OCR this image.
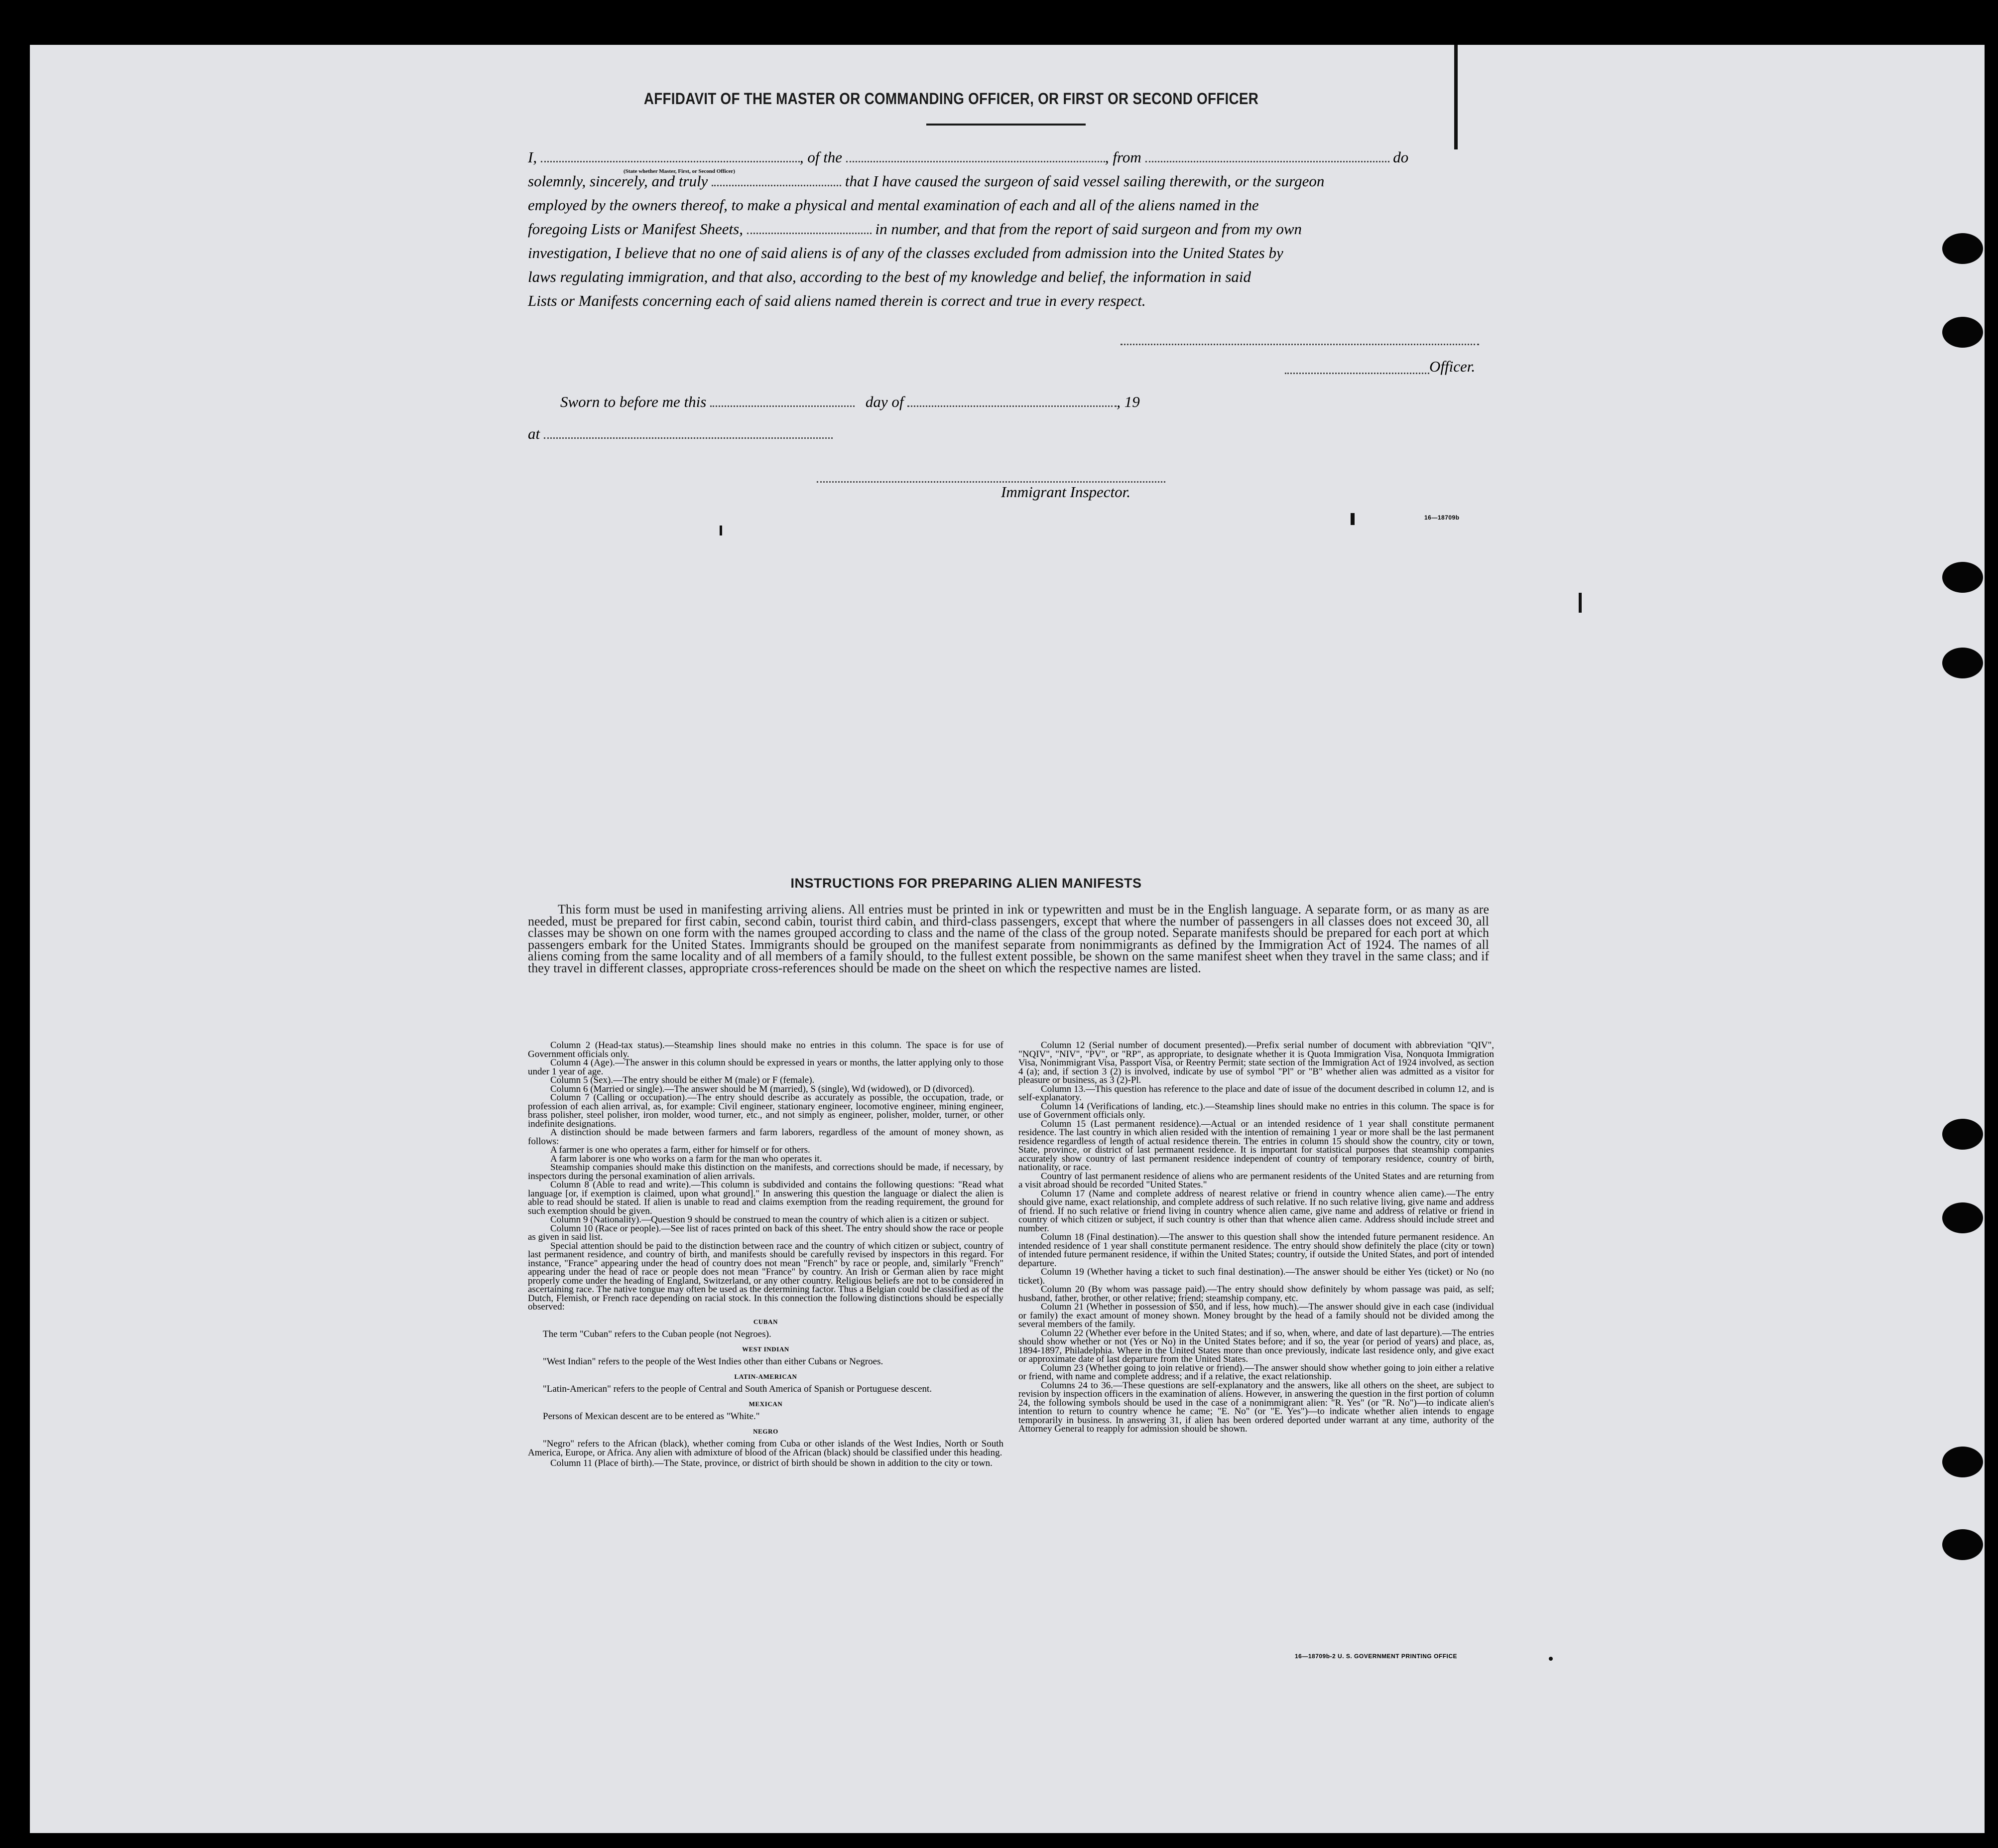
AFFIDAVIT OF THE MASTER OR COMMANDING OFFICER, OR FIRST OR SECOND OFFICER
I,	, of the	, from	do
(State whether Master, First, or Second Officer)
solemnly, sincerely, and truly	that I have caused the surgeon of said vessel sailing therewith, or the surgeon
employed by the owners thereof, to make a physical and mental examination of each and all of the aliens named in the
foregoing Lists or Manifest Sheets,	in number, and that from the report of said surgeon and from my own
investigation, I believe that no one of said aliens is of any of the classes excluded from admission into the United States by
laws regulating immigration, and that also, according to the best of my knowledge and belief, the information in said
Lists or Manifests concerning each of said aliens named therein is correct and true in every respect.
Officer.
Sworn to before me this	day of	, 19
at
Immigrant Inspector.
16—18709b
INSTRUCTIONS FOR PREPARING ALIEN MANIFESTS
This form must be used in manifesting arriving aliens. All entries must be printed in ink or typewritten and must be in the English language. A separate form, or as many as are needed, must be prepared for first cabin, second cabin, tourist third cabin, and third-class passengers, except that where the number of passengers in all classes does not exceed 30, all classes may be shown on one form with the names grouped according to class and the name of the class of the group noted. Separate manifests should be prepared for each port at which passengers embark for the United States. Immigrants should be grouped on the manifest separate from nonimmigrants as defined by the Immigration Act of 1924. The names of all aliens coming from the same locality and of all members of a family should, to the fullest extent possible, be shown on the same manifest sheet when they travel in the same class; and if they travel in different classes, appropriate cross-references should be made on the sheet on which the respective names are listed.

Column 2 (Head-tax status).—Steamship lines should make no entries in this column. The space is for use of Government officials only.

Column 4 (Age).—The answer in this column should be expressed in years or months, the latter applying only to those under 1 year of age.

Column 5 (Sex).—The entry should be either M (male) or F (female).

Column 6 (Married or single).—The answer should be M (married), S (single), Wd (widowed), or D (divorced).

Column 7 (Calling or occupation).—The entry should describe as accurately as possible, the occupation, trade, or profession of each alien arrival, as, for example: Civil engineer, stationary engineer, locomotive engineer, mining engineer, brass polisher, steel polisher, iron molder, wood turner, etc., and not simply as engineer, polisher, molder, turner, or other indefinite designations.

A distinction should be made between farmers and farm laborers, regardless of the amount of money shown, as follows:

A farmer is one who operates a farm, either for himself or for others.

A farm laborer is one who works on a farm for the man who operates it.

Steamship companies should make this distinction on the manifests, and corrections should be made, if necessary, by inspectors during the personal examination of alien arrivals.

Column 8 (Able to read and write).—This column is subdivided and contains the following questions: "Read what language [or, if exemption is claimed, upon what ground]." In answering this question the language or dialect the alien is able to read should be stated. If alien is unable to read and claims exemption from the reading requirement, the ground for such exemption should be given.

Column 9 (Nationality).—Question 9 should be construed to mean the country of which alien is a citizen or subject.

Column 10 (Race or people).—See list of races printed on back of this sheet. The entry should show the race or people as given in said list.

Special attention should be paid to the distinction between race and the country of which citizen or subject, country of last permanent residence, and country of birth, and manifests should be carefully revised by inspectors in this regard. For instance, "France" appearing under the head of country does not mean "French" by race or people, and, similarly "French" appearing under the head of race or people does not mean "France" by country. An Irish or German alien by race might properly come under the heading of England, Switzerland, or any other country. Religious beliefs are not to be considered in ascertaining race. The native tongue may often be used as the determining factor. Thus a Belgian could be classified as of the Dutch, Flemish, or French race depending on racial stock. In this connection the following distinctions should be especially observed:

CUBAN

The term "Cuban" refers to the Cuban people (not Negroes).

WEST INDIAN

"West Indian" refers to the people of the West Indies other than either Cubans or Negroes.

LATIN-AMERICAN

"Latin-American" refers to the people of Central and South America of Spanish or Portuguese descent.

MEXICAN

Persons of Mexican descent are to be entered as "White."

NEGRO

"Negro" refers to the African (black), whether coming from Cuba or other islands of the West Indies, North or South America, Europe, or Africa. Any alien with admixture of blood of the African (black) should be classified under this heading.

Column 11 (Place of birth).—The State, province, or district of birth should be shown in addition to the city or town.

Column 12 (Serial number of document presented).—Prefix serial number of document with abbreviation "QIV", "NQIV", "NIV", "PV", or "RP", as appropriate, to designate whether it is Quota Immigration Visa, Nonquota Immigration Visa, Nonimmigrant Visa, Passport Visa, or Reentry Permit; state section of the Immigration Act of 1924 involved, as section 4 (a); and, if section 3 (2) is involved, indicate by use of symbol "Pl" or "B" whether alien was admitted as a visitor for pleasure or business, as 3 (2)-Pl.

Column 13.—This question has reference to the place and date of issue of the document described in column 12, and is self-explanatory.

Column 14 (Verifications of landing, etc.).—Steamship lines should make no entries in this column. The space is for use of Government officials only.

Column 15 (Last permanent residence).—Actual or an intended residence of 1 year shall constitute permanent residence. The last country in which alien resided with the intention of remaining 1 year or more shall be the last permanent residence regardless of length of actual residence therein. The entries in column 15 should show the country, city or town, State, province, or district of last permanent residence. It is important for statistical purposes that steamship companies accurately show country of last permanent residence independent of country of temporary residence, country of birth, nationality, or race.

Country of last permanent residence of aliens who are permanent residents of the United States and are returning from a visit abroad should be recorded "United States."

Column 17 (Name and complete address of nearest relative or friend in country whence alien came).—The entry should give name, exact relationship, and complete address of such relative. If no such relative living, give name and address of friend. If no such relative or friend living in country whence alien came, give name and address of relative or friend in country of which citizen or subject, if such country is other than that whence alien came. Address should include street and number.

Column 18 (Final destination).—The answer to this question shall show the intended future permanent residence. An intended residence of 1 year shall constitute permanent residence. The entry should show definitely the place (city or town) of intended future permanent residence, if within the United States; country, if outside the United States, and port of intended departure.

Column 19 (Whether having a ticket to such final destination).—The answer should be either Yes (ticket) or No (no ticket).

Column 20 (By whom was passage paid).—The entry should show definitely by whom passage was paid, as self; husband, father, brother, or other relative; friend; steamship company, etc.

Column 21 (Whether in possession of $50, and if less, how much).—The answer should give in each case (individual or family) the exact amount of money shown. Money brought by the head of a family should not be divided among the several members of the family.

Column 22 (Whether ever before in the United States; and if so, when, where, and date of last departure).—The entries should show whether or not (Yes or No) in the United States before; and if so, the year (or period of years) and place, as, 1894-1897, Philadelphia. Where in the United States more than once previously, indicate last residence only, and give exact or approximate date of last departure from the United States.

Column 23 (Whether going to join relative or friend).—The answer should show whether going to join either a relative or friend, with name and complete address; and if a relative, the exact relationship.

Columns 24 to 36.—These questions are self-explanatory and the answers, like all others on the sheet, are subject to revision by inspection officers in the examination of aliens. However, in answering the question in the first portion of column 24, the following symbols should be used in the case of a nonimmigrant alien: "R. Yes" (or "R. No")—to indicate alien's intention to return to country whence he came; "E. No" (or "E. Yes")—to indicate whether alien intends to engage temporarily in business. In answering 31, if alien has been ordered deported under warrant at any time, authority of the Attorney General to reapply for admission should be shown.

16—18709b-2 U. S. GOVERNMENT PRINTING OFFICE
